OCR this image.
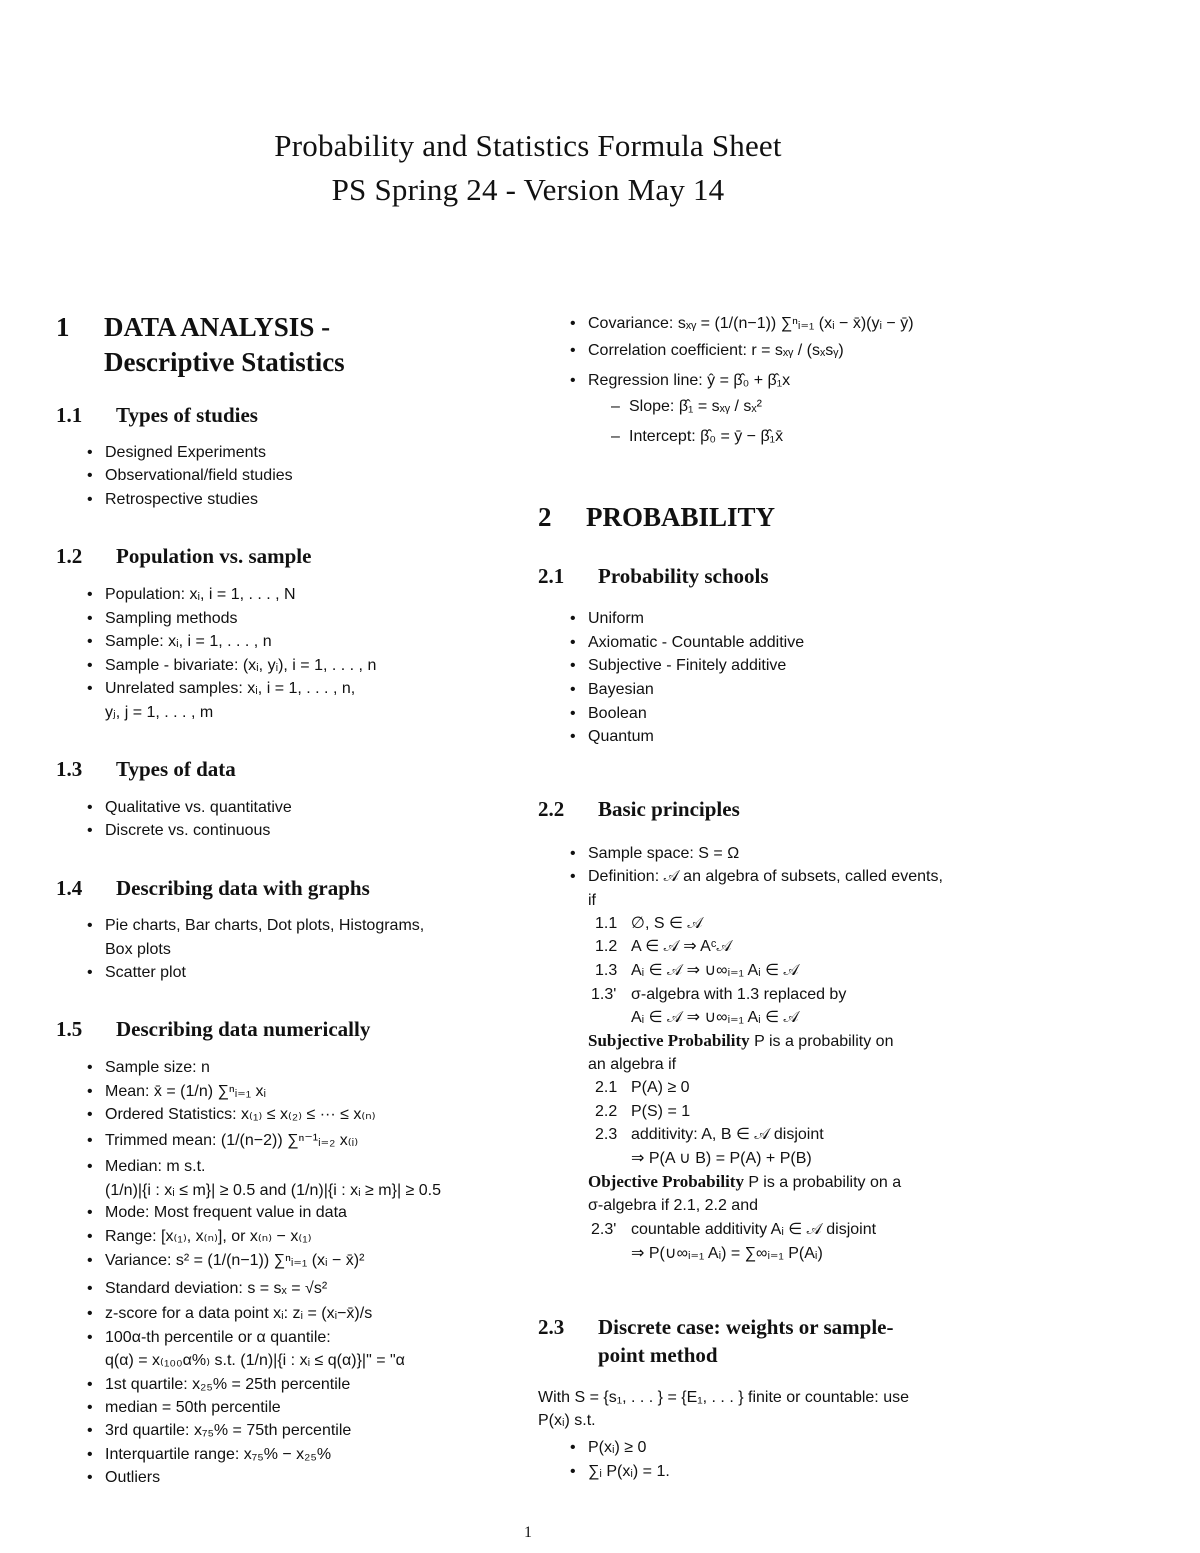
Probability and Statistics Formula Sheet
PS Spring 24 - Version May 14
1 DATA ANALYSIS -
Descriptive Statistics
1.1 Types of studies
• Designed Experiments
• Observational/field studies
• Retrospective studies
1.2 Population vs. sample
• Population: xᵢ, i = 1, . . . , N
• Sampling methods
• Sample: xᵢ, i = 1, . . . , n
• Sample - bivariate: (xᵢ, yᵢ), i = 1, . . . , n
• Unrelated samples: xᵢ, i = 1, . . . , n,
yⱼ, j = 1, . . . , m
1.3 Types of data
• Qualitative vs. quantitative
• Discrete vs. continuous
1.4 Describing data with graphs
• Pie charts, Bar charts, Dot plots, Histograms,
Box plots
• Scatter plot
1.5 Describing data numerically
• Sample size: n
• Mean: x̄ = (1/n) ∑ⁿᵢ₌₁ xᵢ
• Ordered Statistics: x₍₁₎ ≤ x₍₂₎ ≤ ··· ≤ x₍ₙ₎
• Trimmed mean: (1/(n−2)) ∑ⁿ⁻¹ᵢ₌₂ x₍ᵢ₎
• Median: m s.t.
(1/n)|{i : xᵢ ≤ m}| ≥ 0.5 and (1/n)|{i : xᵢ ≥ m}| ≥ 0.5
• Mode: Most frequent value in data
• Range: [x₍₁₎, x₍ₙ₎], or x₍ₙ₎ − x₍₁₎
• Variance: s² = (1/(n−1)) ∑ⁿᵢ₌₁ (xᵢ − x̄)²
• Standard deviation: s = sₓ = √s²
• z-score for a data point xᵢ: zᵢ = (xᵢ−x̄)/s
• 100α-th percentile or α quantile:
q(α) = x₍₁₀₀α%₎ s.t. (1/n)|{i : xᵢ ≤ q(α)}|" = "α
• 1st quartile: x₂₅% = 25th percentile
• median = 50th percentile
• 3rd quartile: x₇₅% = 75th percentile
• Interquartile range: x₇₅% − x₂₅%
• Outliers
• Covariance: sₓᵧ = (1/(n−1)) ∑ⁿᵢ₌₁ (xᵢ − x̄)(yᵢ − ȳ)
• Correlation coefficient: r = sₓᵧ / (sₓsᵧ)
• Regression line: ŷ = β̂₀ + β̂₁x
– Slope: β̂₁ = sₓᵧ / sₓ²
– Intercept: β̂₀ = ȳ − β̂₁x̄
2 PROBABILITY
2.1 Probability schools
• Uniform
• Axiomatic - Countable additive
• Subjective - Finitely additive
• Bayesian
• Boolean
• Quantum
2.2 Basic principles
• Sample space: S = Ω
• Definition: 𝒜 an algebra of subsets, called events,
if
1.1 ∅, S ∈ 𝒜
1.2 A ∈ 𝒜 ⇒ Aᶜ𝒜
1.3 Aᵢ ∈ 𝒜 ⇒ ∪∞ᵢ₌₁ Aᵢ ∈ 𝒜
1.3' σ-algebra with 1.3 replaced by
Aᵢ ∈ 𝒜 ⇒ ∪∞ᵢ₌₁ Aᵢ ∈ 𝒜
Subjective Probability P is a probability on
an algebra if
2.1 P(A) ≥ 0
2.2 P(S) = 1
2.3 additivity: A, B ∈ 𝒜 disjoint
⇒ P(A ∪ B) = P(A) + P(B)
Objective Probability P is a probability on a
σ-algebra if 2.1, 2.2 and
2.3' countable additivity Aᵢ ∈ 𝒜 disjoint
⇒ P(∪∞ᵢ₌₁ Aᵢ) = ∑∞ᵢ₌₁ P(Aᵢ)
2.3 Discrete case: weights or sample-
point method
With S = {s₁, . . . } = {E₁, . . . } finite or countable: use
P(xᵢ) s.t.
• P(xᵢ) ≥ 0
• ∑ᵢ P(xᵢ) = 1.
1
